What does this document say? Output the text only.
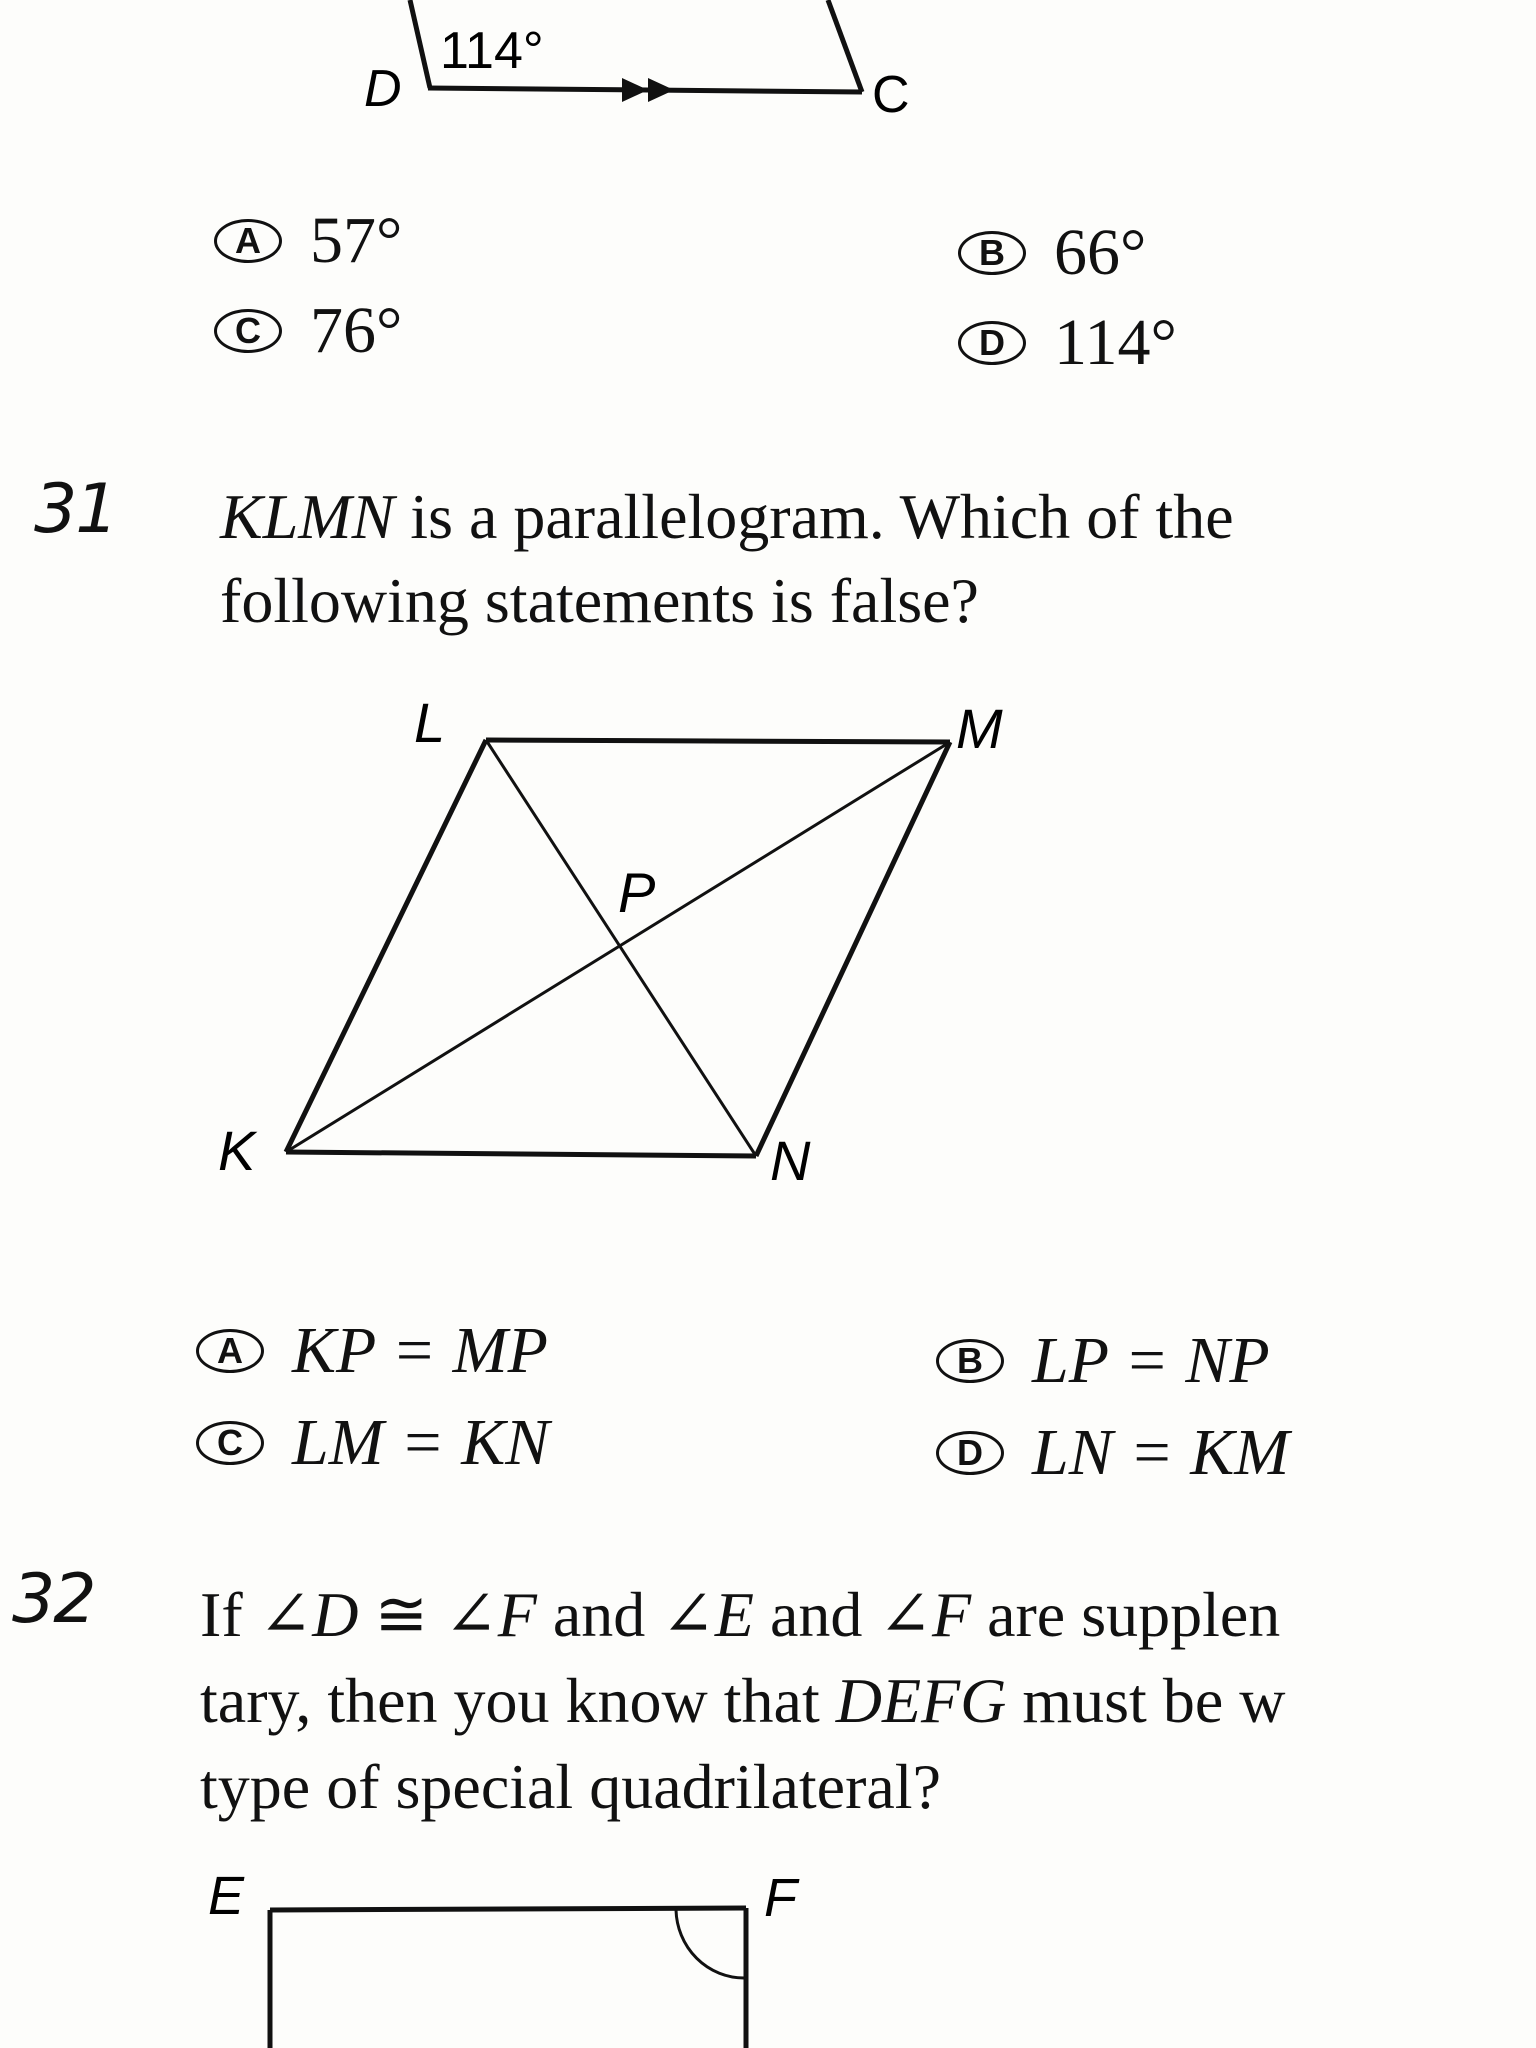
114°
D	C
A 57°	B 66°
C 76°	D 114°
31 KLMN is a parallelogram. Which of the
following statements is false?
L	M
P
K	N
A KP = MP	B LP = NP
C LM = KN	D LN = KM
32 If ∠D ≅ ∠F and ∠E and ∠F are supplen
tary, then you know that DEFG must be w
type of special quadrilateral?
E	F
